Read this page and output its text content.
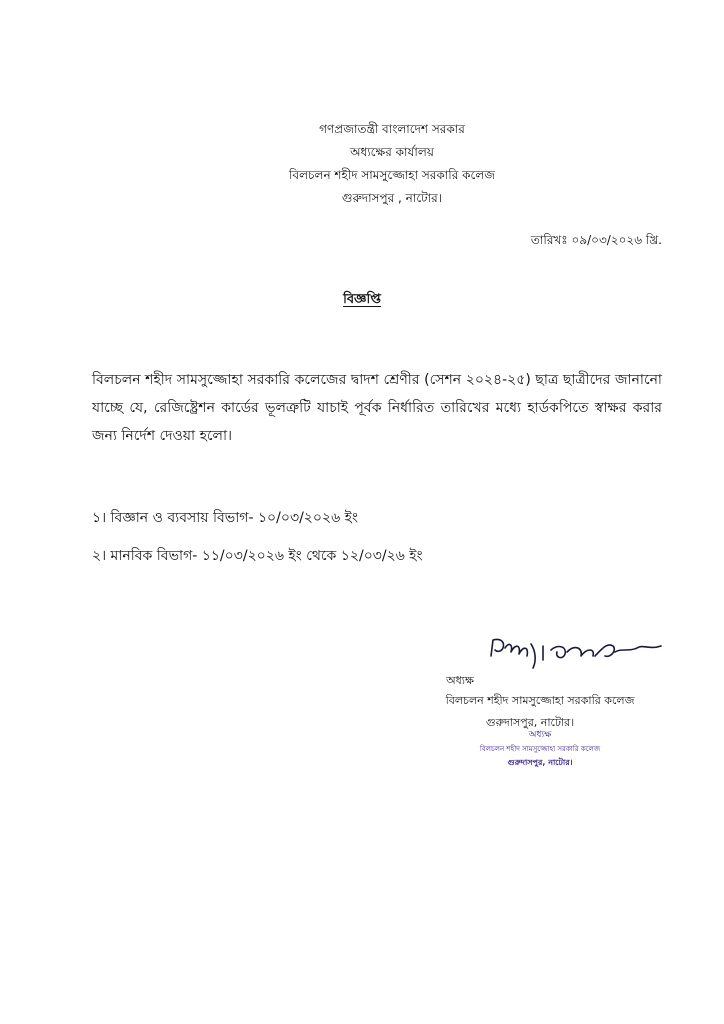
গণপ্রজাতন্ত্রী বাংলাদেশ সরকার
অধ্যক্ষের কার্যালয়
বিলচলন শহীদ সামসুজ্জোহা সরকারি কলেজ
গুরুদাসপুর , নাটোর।
তারিখঃ ০৯/০৩/২০২৬ খ্রি.
বিজ্ঞপ্তি
বিলচলন শহীদ সামসুজ্জোহা সরকারি কলেজের দ্বাদশ শ্রেণীর (সেশন ২০২৪-২৫) ছাত্র ছাত্রীদের জানানো যাচ্ছে যে, রেজিষ্ট্রেশন কার্ডের ভূলত্রুটি যাচাই পূর্বক নির্ধারিত তারিখের মধ্যে হার্ডকপিতে স্বাক্ষর করার জন্য নির্দেশ দেওয়া হলো।
১। বিজ্ঞান ও ব্যবসায় বিভাগ- ১০/০৩/২০২৬ ইং
২। মানবিক বিভাগ- ১১/০৩/২০২৬ ইং থেকে ১২/০৩/২৬ ইং
অধ্যক্ষ
বিলচলন শহীদ সামসুজ্জোহা সরকারি কলেজ
গুরুদাসপুর, নাটোর।
অধ্যক্ষ
বিলচলন শহীদ সামসুজ্জোহা সরকারি কলেজ
গুরুদাসপুর, নাটোর।
